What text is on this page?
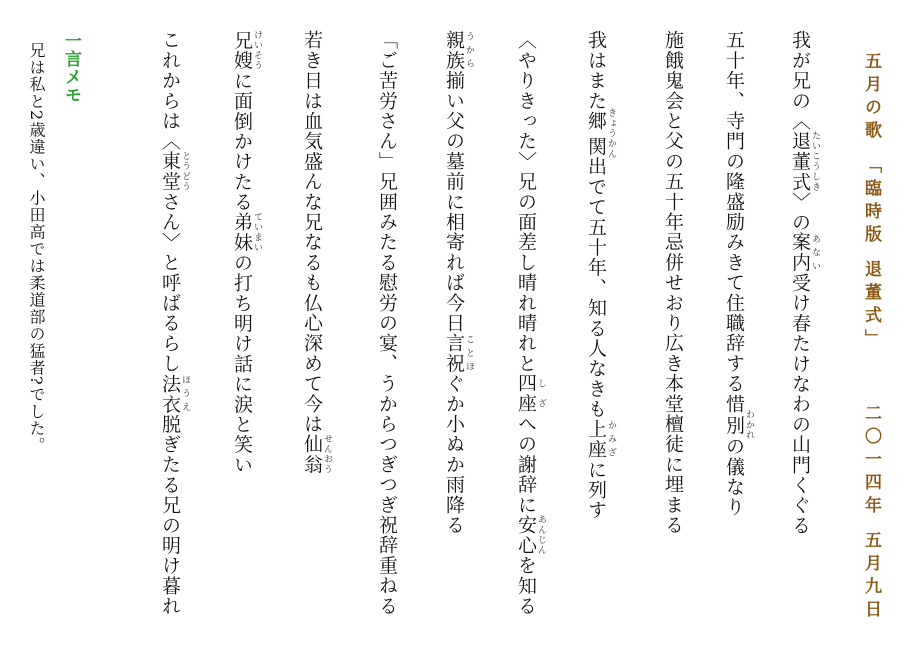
五月の歌 「臨時版 退董式」二〇一四年 五月九日
我が兄の〈退董式 たいこうしき〉の案内 あない受け春たけなわの山門くぐる
五十年、寺門の隆盛励みきて住職辞する惜別 わかれの儀なり
施餓鬼会と父の五十年忌併せおり広き本堂檀徒に埋まる
我はまた郷関 きょうかん出でて五十年、知る人なきも上座 かみざに列す
〈やりきった〉兄の面差し晴れ晴れと四座 しざへの謝辞に安心 あんじんを知る
親族 うから揃い父の墓前に相寄れば今日言祝 ことほぐか小ぬか雨降る
「ご苦労さん」兄囲みたる慰労の宴、うからつぎつぎ祝辞重ねる
若き日は血気盛んな兄なるも仏心深めて今は仙翁 せんおう
兄嫂 けいそうに面倒かけたる弟妹 ていまいの打ち明け話に涙と笑い
これからは〈東堂 とうどうさん〉と呼ばるらし法衣 ほうえ脱ぎたる兄の明け暮れ
一言メモ
兄は私と2歳違い、小田高では柔道部の猛者?でした。
